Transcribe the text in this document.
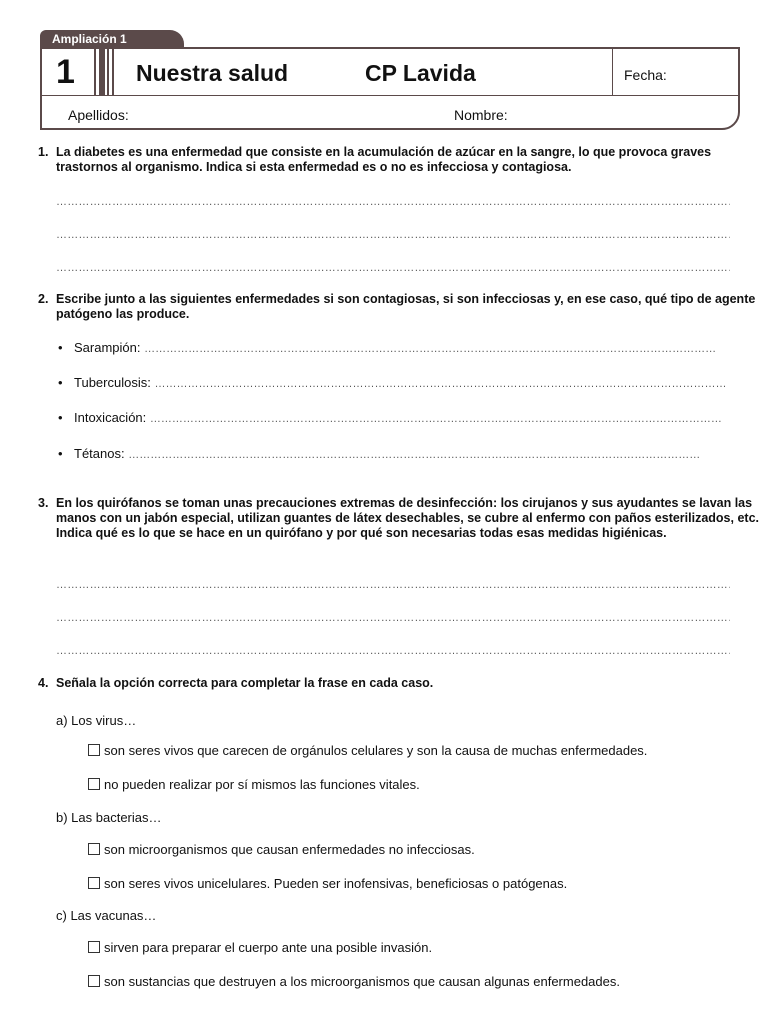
Ampliación 1
1	Nuestra salud	CP Lavida	Fecha:
Apellidos:	Nombre:
1. La diabetes es una enfermedad que consiste en la acumulación de azúcar en la sangre, lo que provoca graves trastornos al organismo. Indica si esta enfermedad es o no es infecciosa y contagiosa.
…………………………………………………………………………………………………………………………………………………………………………………………………………
…………………………………………………………………………………………………………………………………………………………………………………………………………
…………………………………………………………………………………………………………………………………………………………………………………………………………
2. Escribe junto a las siguientes enfermedades si son contagiosas, si son infecciosas y, en ese caso, qué tipo de agente patógeno las produce.
• Sarampión: …………………………………………………………………………………………………………………………………………
• Tuberculosis: …………………………………………………………………………………………………………………………………………
• Intoxicación: …………………………………………………………………………………………………………………………………………
• Tétanos: …………………………………………………………………………………………………………………………………………
3. En los quirófanos se toman unas precauciones extremas de desinfección: los cirujanos y sus ayudantes se lavan las manos con un jabón especial, utilizan guantes de látex desechables, se cubre al enfermo con paños esterilizados, etc. Indica qué es lo que se hace en un quirófano y por qué son necesarias todas esas medidas higiénicas.
…………………………………………………………………………………………………………………………………………………………………………………………………………
…………………………………………………………………………………………………………………………………………………………………………………………………………
…………………………………………………………………………………………………………………………………………………………………………………………………………
4. Señala la opción correcta para completar la frase en cada caso.
a) Los virus…
son seres vivos que carecen de orgánulos celulares y son la causa de muchas enfermedades.
no pueden realizar por sí mismos las funciones vitales.
b) Las bacterias…
son microorganismos que causan enfermedades no infecciosas.
son seres vivos unicelulares. Pueden ser inofensivas, beneficiosas o patógenas.
c) Las vacunas…
sirven para preparar el cuerpo ante una posible invasión.
son sustancias que destruyen a los microorganismos que causan algunas enfermedades.
